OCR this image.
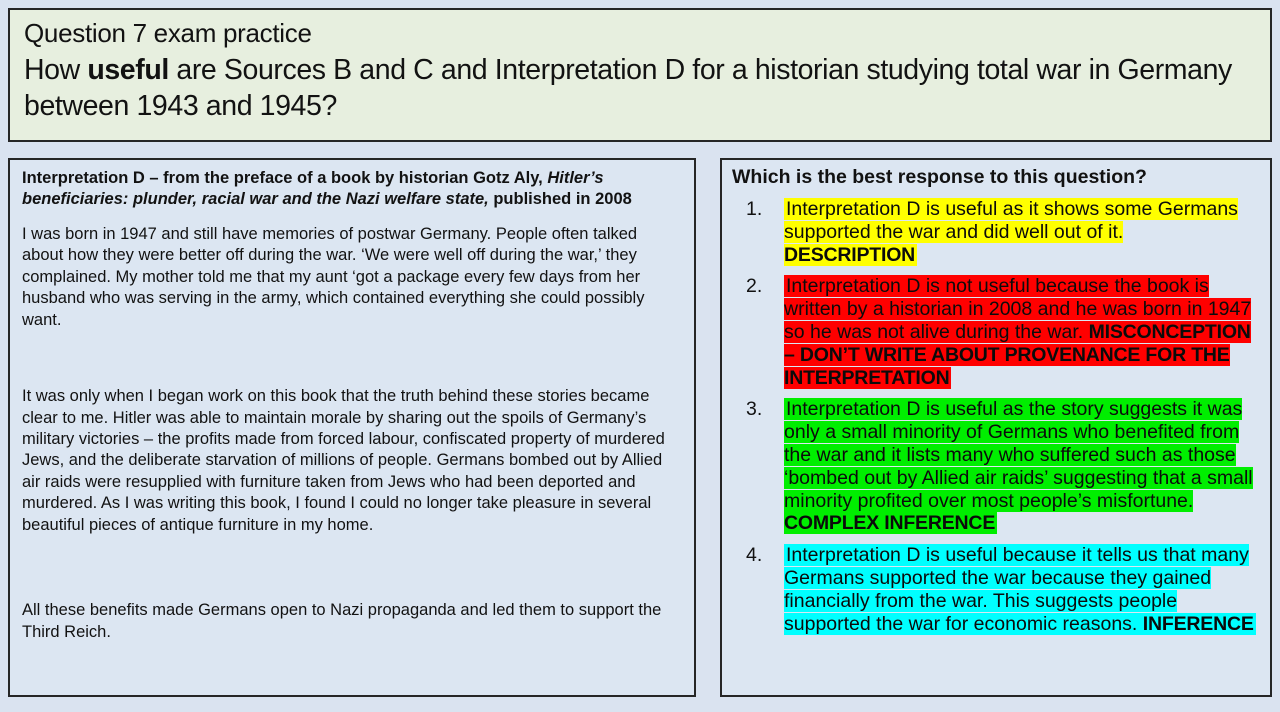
Question 7 exam practice
How useful are Sources B and C and Interpretation D for a historian studying total war in Germany between 1943 and 1945?

Interpretation D – from the preface of a book by historian Gotz Aly, Hitler’s beneficiaries: plunder, racial war and the Nazi welfare state, published in 2008

I was born in 1947 and still have memories of postwar Germany. People often talked about how they were better off during the war. ‘We were well off during the war,’ they complained. My mother told me that my aunt ‘got a package every few days from her husband who was serving in the army, which contained everything she could possibly want.

It was only when I began work on this book that the truth behind these stories became clear to me. Hitler was able to maintain morale by sharing out the spoils of Germany’s military victories – the profits made from forced labour, confiscated property of murdered Jews, and the deliberate starvation of millions of people. Germans bombed out by Allied air raids were resupplied with furniture taken from Jews who had been deported and murdered. As I was writing this book, I found I could no longer take pleasure in several beautiful pieces of antique furniture in my home.

All these benefits made Germans open to Nazi propaganda and led them to support the Third Reich.

Which is the best response to this question?

1.	Interpretation D is useful as it shows some Germans supported the war and did well out of it. DESCRIPTION
2.	Interpretation D is not useful because the book is written by a historian in 2008 and he was born in 1947 so he was not alive during the war. MISCONCEPTION – DON’T WRITE ABOUT PROVENANCE FOR THE INTERPRETATION
3.	Interpretation D is useful as the story suggests it was only a small minority of Germans who benefited from the war and it lists many who suffered such as those ‘bombed out by Allied air raids’ suggesting that a small minority profited over most people’s misfortune. COMPLEX INFERENCE
4.	Interpretation D is useful because it tells us that many Germans supported the war because they gained financially from the war. This suggests people supported the war for economic reasons. INFERENCE
